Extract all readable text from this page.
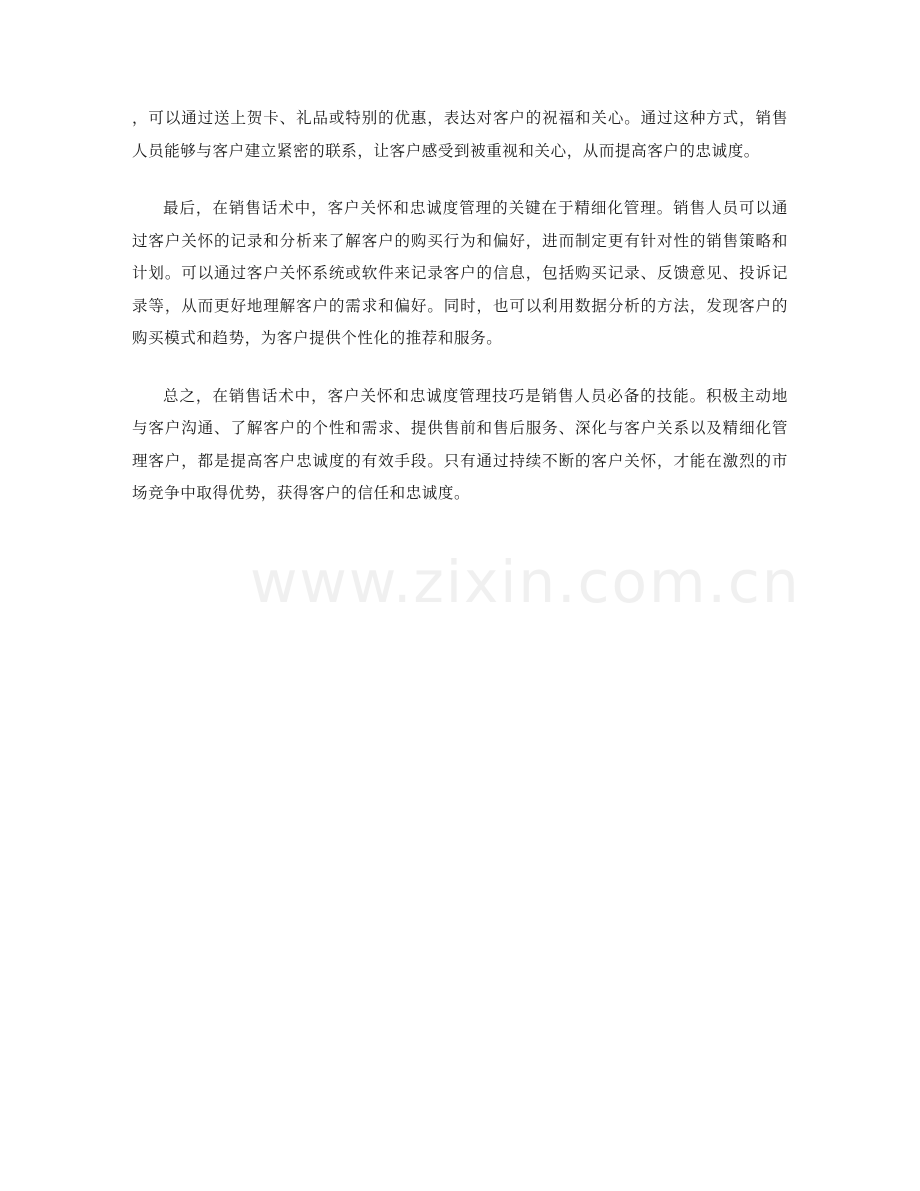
，可以通过送上贺卡、礼品或特别的优惠，表达对客户的祝福和关心。通过这种方式，销售人员能够与客户建立紧密的联系，让客户感受到被重视和关心，从而提高客户的忠诚度。

最后，在销售话术中，客户关怀和忠诚度管理的关键在于精细化管理。销售人员可以通过客户关怀的记录和分析来了解客户的购买行为和偏好，进而制定更有针对性的销售策略和计划。可以通过客户关怀系统或软件来记录客户的信息，包括购买记录、反馈意见、投诉记录等，从而更好地理解客户的需求和偏好。同时，也可以利用数据分析的方法，发现客户的购买模式和趋势，为客户提供个性化的推荐和服务。

总之，在销售话术中，客户关怀和忠诚度管理技巧是销售人员必备的技能。积极主动地与客户沟通、了解客户的个性和需求、提供售前和售后服务、深化与客户关系以及精细化管理客户，都是提高客户忠诚度的有效手段。只有通过持续不断的客户关怀，才能在激烈的市场竞争中取得优势，获得客户的信任和忠诚度。

www.zixin.com.cn
